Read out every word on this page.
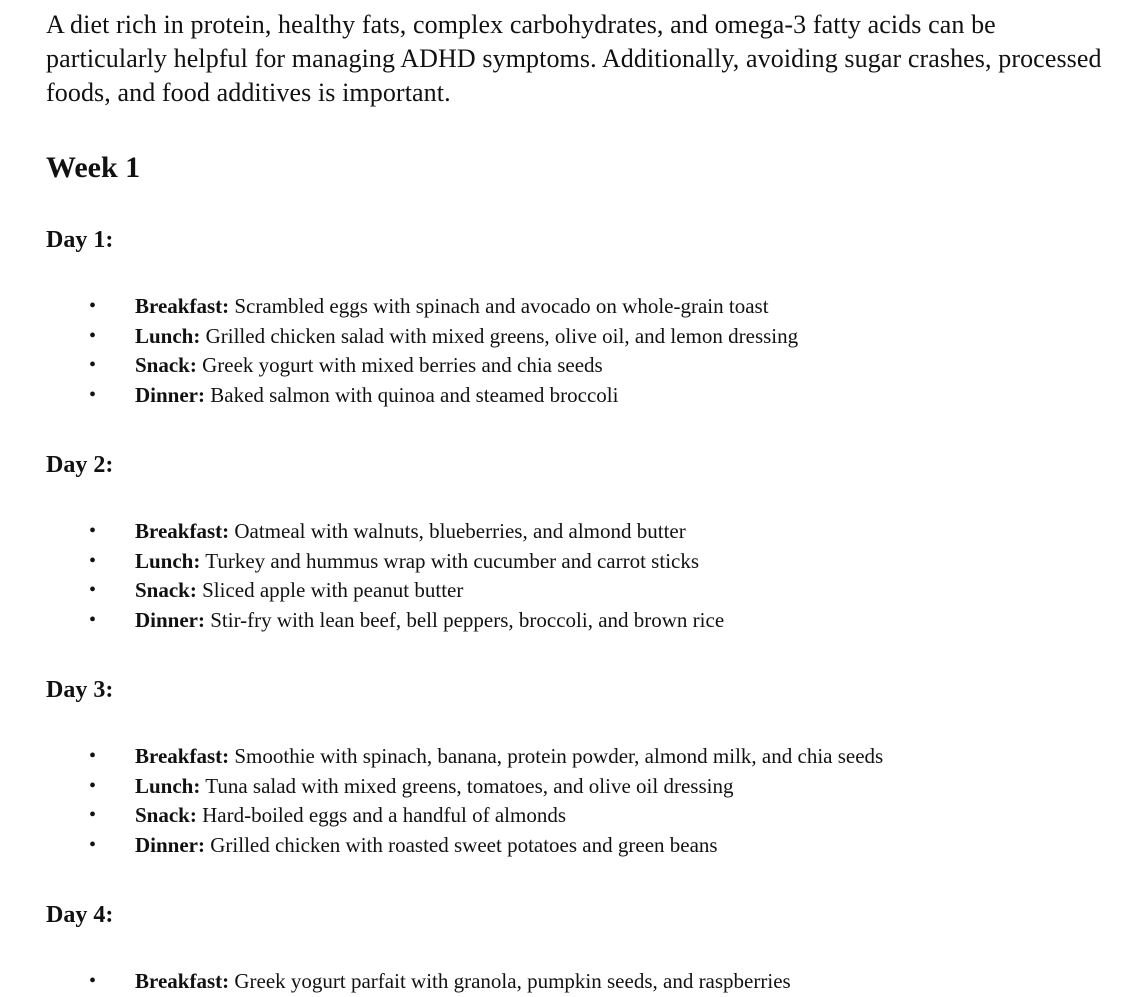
A diet rich in protein, healthy fats, complex carbohydrates, and omega-3 fatty acids can be particularly helpful for managing ADHD symptoms. Additionally, avoiding sugar crashes, processed foods, and food additives is important.

Week 1
Day 1:
• Breakfast: Scrambled eggs with spinach and avocado on whole-grain toast
• Lunch: Grilled chicken salad with mixed greens, olive oil, and lemon dressing
• Snack: Greek yogurt with mixed berries and chia seeds
• Dinner: Baked salmon with quinoa and steamed broccoli
Day 2:
• Breakfast: Oatmeal with walnuts, blueberries, and almond butter
• Lunch: Turkey and hummus wrap with cucumber and carrot sticks
• Snack: Sliced apple with peanut butter
• Dinner: Stir-fry with lean beef, bell peppers, broccoli, and brown rice
Day 3:
• Breakfast: Smoothie with spinach, banana, protein powder, almond milk, and chia seeds
• Lunch: Tuna salad with mixed greens, tomatoes, and olive oil dressing
• Snack: Hard-boiled eggs and a handful of almonds
• Dinner: Grilled chicken with roasted sweet potatoes and green beans
Day 4:
• Breakfast: Greek yogurt parfait with granola, pumpkin seeds, and raspberries
